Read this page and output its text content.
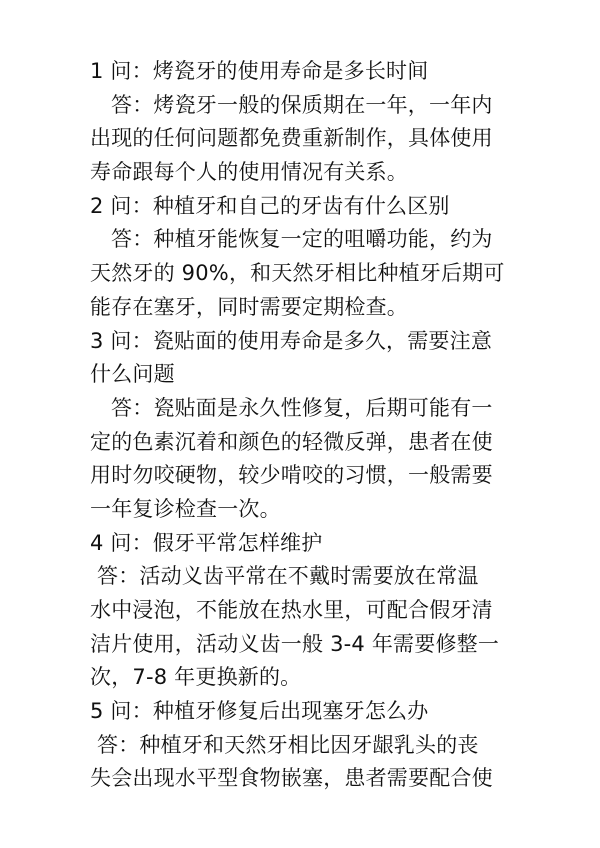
1 问：烤瓷牙的使用寿命是多长时间
答：烤瓷牙一般的保质期在一年，一年内
出现的任何问题都免费重新制作，具体使用
寿命跟每个人的使用情况有关系。
2 问：种植牙和自己的牙齿有什么区别
答：种植牙能恢复一定的咀嚼功能，约为
天然牙的 90%，和天然牙相比种植牙后期可
能存在塞牙，同时需要定期检查。
3 问：瓷贴面的使用寿命是多久，需要注意
什么问题
答：瓷贴面是永久性修复，后期可能有一
定的色素沉着和颜色的轻微反弹，患者在使
用时勿咬硬物，较少啃咬的习惯，一般需要
一年复诊检查一次。
4 问：假牙平常怎样维护
答：活动义齿平常在不戴时需要放在常温
水中浸泡，不能放在热水里，可配合假牙清
洁片使用，活动义齿一般 3-4 年需要修整一
次，7-8 年更换新的。
5 问：种植牙修复后出现塞牙怎么办
答：种植牙和天然牙相比因牙龈乳头的丧
失会出现水平型食物嵌塞，患者需要配合使
